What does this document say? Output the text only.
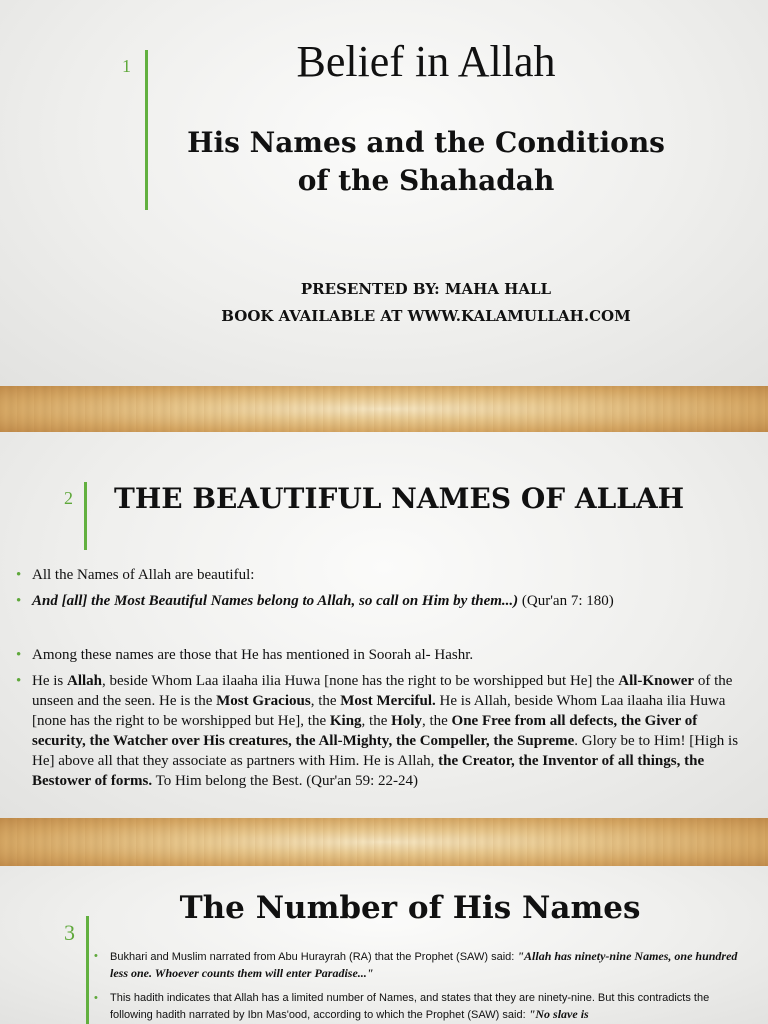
1	Belief in Allah
His Names and the Conditions
of the Shahadah
PRESENTED BY: MAHA HALL
BOOK AVAILABLE AT WWW.KALAMULLAH.COM
2 THE BEAUTIFUL NAMES OF ALLAH
• All the Names of Allah are beautiful:
• And [all] the Most Beautiful Names belong to Allah, so call on Him by them...) (Qur'an 7: 180)
• Among these names are those that He has mentioned in Soorah al- Hashr.
• He is Allah, beside Whom Laa ilaaha ilia Huwa [none has the right to be worshipped but He] the All-Knower of the unseen and the seen. He is the Most Gracious, the Most Merciful. He is Allah, beside Whom Laa ilaaha ilia Huwa [none has the right to be worshipped but He], the King, the Holy, the One Free from all defects, the Giver of security, the Watcher over His creatures, the All-Mighty, the Compeller, the Supreme. Glory be to Him! [High is He] above all that they associate as partners with Him. He is Allah, the Creator, the Inventor of all things, the Bestower of forms. To Him belong the Best. (Qur'an 59: 22-24)
3
The Number of His Names
• Bukhari and Muslim narrated from Abu Hurayrah (RA) that the Prophet (SAW) said: "Allah has ninety-nine Names, one hundred less one. Whoever counts them will enter Paradise..."
• This hadith indicates that Allah has a limited number of Names, and states that they are ninety-nine. But this contradicts the following hadith narrated by Ibn Mas'ood, according to which the Prophet (SAW) said: "No slave is
